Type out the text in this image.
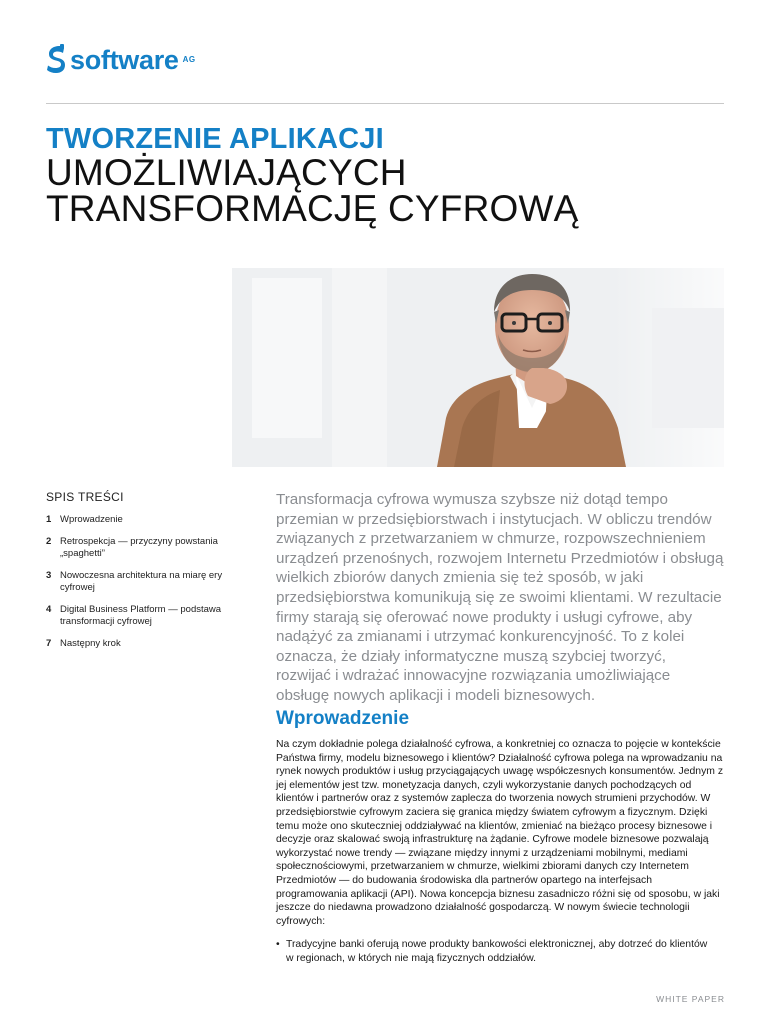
software AG
TWORZENIE APLIKACJI
UMOŻLIWIAJĄCYCH
TRANSFORMACJĘ CYFROWĄ
SPIS TREŚCI
1 Wprowadzenie
2 Retrospekcja — przyczyny powstania „spaghetti”
3 Nowoczesna architektura na miarę ery cyfrowej
4 Digital Business Platform — podstawa transformacji cyfrowej
7 Następny krok
Transformacja cyfrowa wymusza szybsze niż dotąd tempo przemian w przedsiębiorstwach i instytucjach. W obliczu trendów związanych z przetwarzaniem w chmurze, rozpowszechnieniem urządzeń przenośnych, rozwojem Internetu Przedmiotów i obsługą wielkich zbiorów danych zmienia się też sposób, w jaki przedsiębiorstwa komunikują się ze swoimi klientami. W rezultacie firmy starają się oferować nowe produkty i usługi cyfrowe, aby nadążyć za zmianami i utrzymać konkurencyjność. To z kolei oznacza, że działy informatyczne muszą szybciej tworzyć, rozwijać i wdrażać innowacyjne rozwiązania umożliwiające obsługę nowych aplikacji i modeli biznesowych.
Wprowadzenie
Na czym dokładnie polega działalność cyfrowa, a konkretniej co oznacza to pojęcie w kontekście Państwa firmy, modelu biznesowego i klientów? Działalność cyfrowa polega na wprowadzaniu na rynek nowych produktów i usług przyciągających uwagę współczesnych konsumentów. Jednym z jej elementów jest tzw. monetyzacja danych, czyli wykorzystanie danych pochodzących od klientów i partnerów oraz z systemów zaplecza do tworzenia nowych strumieni przychodów. W przedsiębiorstwie cyfrowym zaciera się granica między światem cyfrowym a fizycznym. Dzięki temu może ono skuteczniej oddziaływać na klientów, zmieniać na bieżąco procesy biznesowe i decyzje oraz skalować swoją infrastrukturę na żądanie. Cyfrowe modele biznesowe pozwalają wykorzystać nowe trendy — związane między innymi z urządzeniami mobilnymi, mediami społecznościowymi, przetwarzaniem w chmurze, wielkimi zbiorami danych czy Internetem Przedmiotów — do budowania środowiska dla partnerów opartego na interfejsach programowania aplikacji (API). Nowa koncepcja biznesu zasadniczo różni się od sposobu, w jaki jeszcze do niedawna prowadzono działalność gospodarczą. W nowym świecie technologii cyfrowych:
• Tradycyjne banki oferują nowe produkty bankowości elektronicznej, aby dotrzeć do klientów w regionach, w których nie mają fizycznych oddziałów.
WHITE PAPER
